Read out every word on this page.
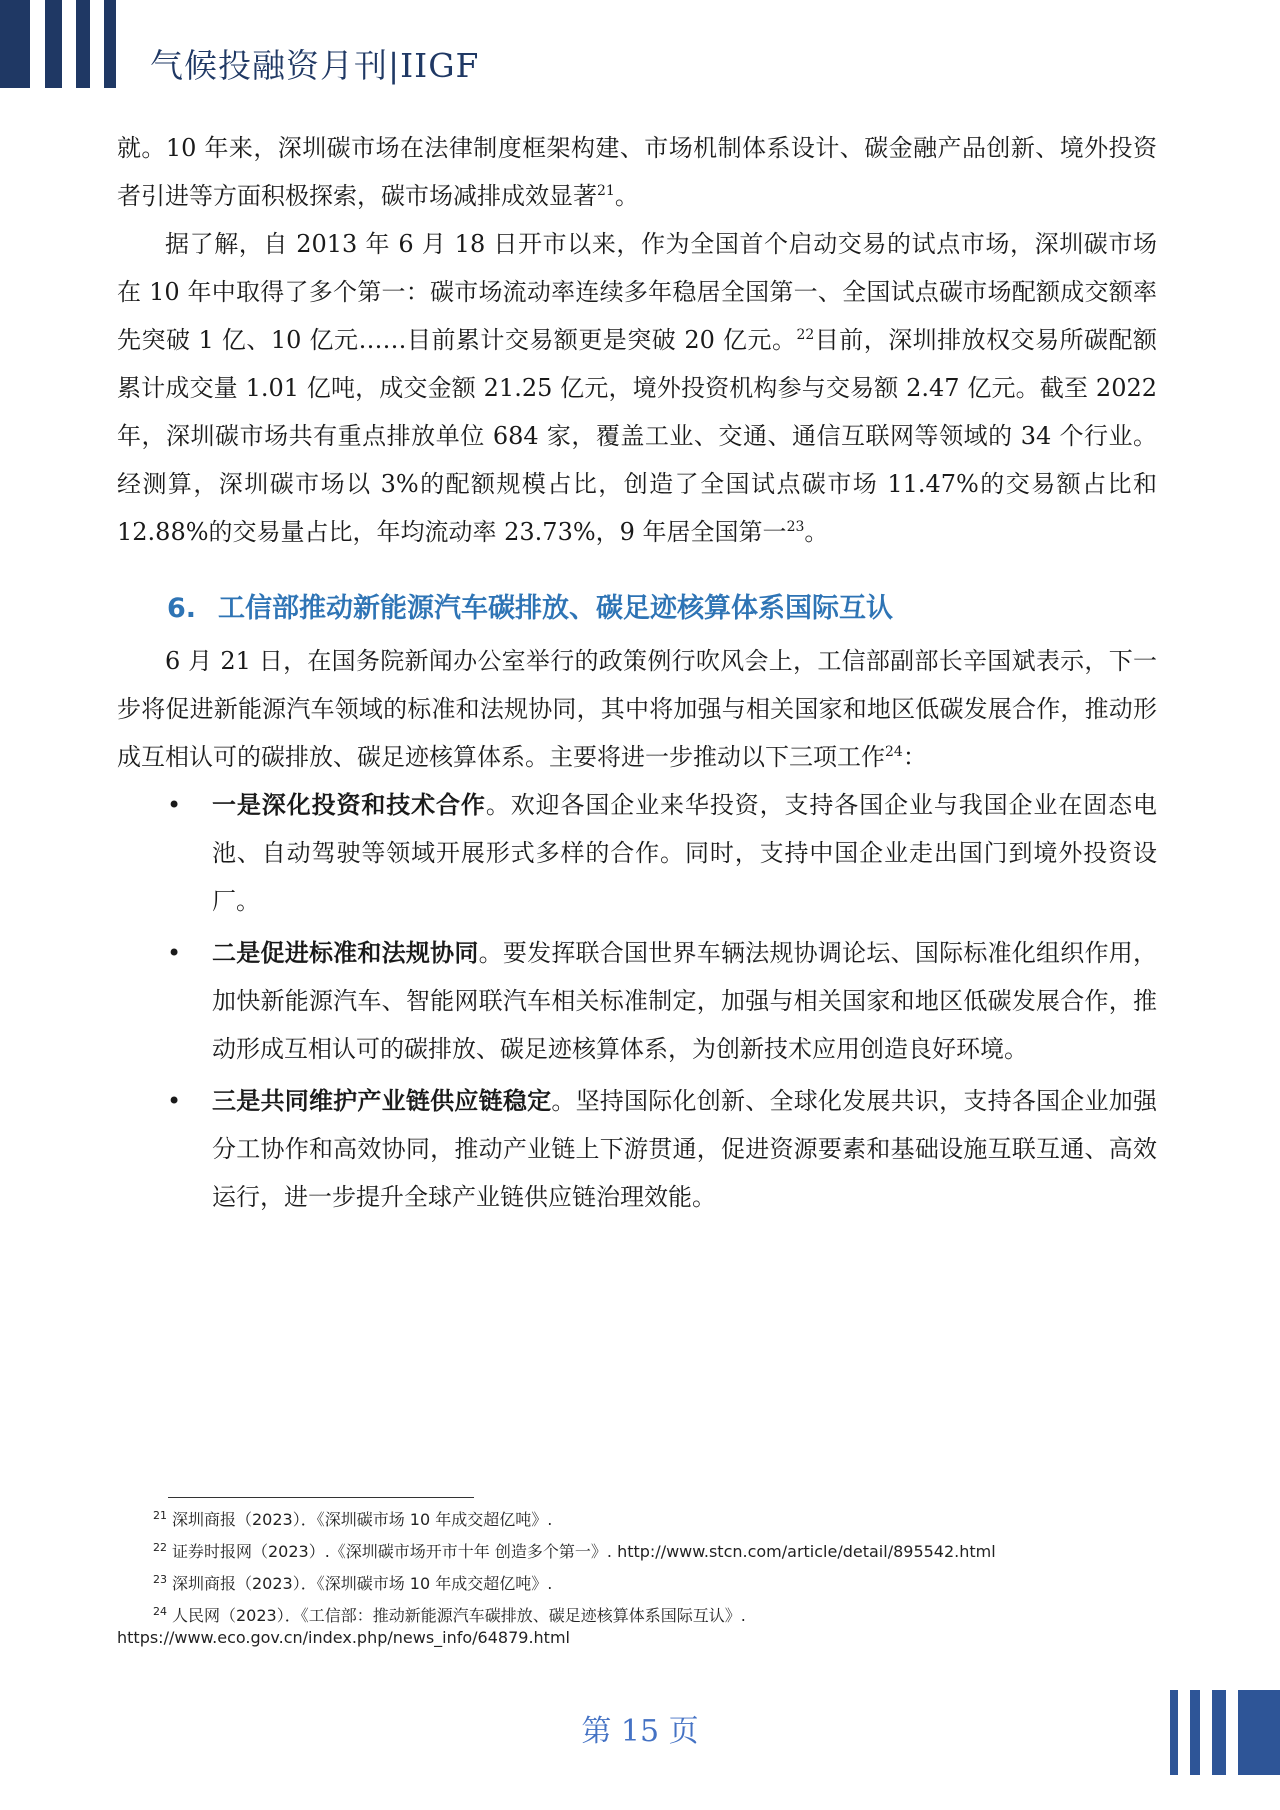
气候投融资月刊|IIGF

就。10 年来，深圳碳市场在法律制度框架构建、市场机制体系设计、碳金融产品创新、境外投资者引进等方面积极探索，碳市场减排成效显著$^{21}$。

据了解，自 2013 年 6 月 18 日开市以来，作为全国首个启动交易的试点市场，深圳碳市场在 10 年中取得了多个第一：碳市场流动率连续多年稳居全国第一、全国试点碳市场配额成交额率先突破 1 亿、10 亿元……目前累计交易额更是突破 20 亿元。$^{22}$目前，深圳排放权交易所碳配额累计成交量 1.01 亿吨，成交金额 21.25 亿元，境外投资机构参与交易额 2.47 亿元。截至 2022 年，深圳碳市场共有重点排放单位 684 家，覆盖工业、交通、通信互联网等领域的 34 个行业。经测算，深圳碳市场以 3%的配额规模占比，创造了全国试点碳市场 11.47%的交易额占比和 12.88%的交易量占比，年均流动率 23.73%，9 年居全国第一$^{23}$。

6. 工信部推动新能源汽车碳排放、碳足迹核算体系国际互认

6 月 21 日，在国务院新闻办公室举行的政策例行吹风会上，工信部副部长辛国斌表示，下一步将促进新能源汽车领域的标准和法规协同，其中将加强与相关国家和地区低碳发展合作，推动形成互相认可的碳排放、碳足迹核算体系。主要将进一步推动以下三项工作$^{24}$：

• 一是深化投资和技术合作。欢迎各国企业来华投资，支持各国企业与我国企业在固态电池、自动驾驶等领域开展形式多样的合作。同时，支持中国企业走出国门到境外投资设厂。
• 二是促进标准和法规协同。要发挥联合国世界车辆法规协调论坛、国际标准化组织作用，加快新能源汽车、智能网联汽车相关标准制定，加强与相关国家和地区低碳发展合作，推动形成互相认可的碳排放、碳足迹核算体系，为创新技术应用创造良好环境。
• 三是共同维护产业链供应链稳定。坚持国际化创新、全球化发展共识，支持各国企业加强分工协作和高效协同，推动产业链上下游贯通，促进资源要素和基础设施互联互通、高效运行，进一步提升全球产业链供应链治理效能。
21 深圳商报（2023）．《深圳碳市场 10 年成交超亿吨》.
22 证券时报网（2023）.《深圳碳市场开市十年 创造多个第一》. http://www.stcn.com/article/detail/895542.html
23 深圳商报（2023）．《深圳碳市场 10 年成交超亿吨》.
24 人民网（2023）．《工信部：推动新能源汽车碳排放、碳足迹核算体系国际互认》.
https://www.eco.gov.cn/index.php/news_info/64879.html
第 15 页
